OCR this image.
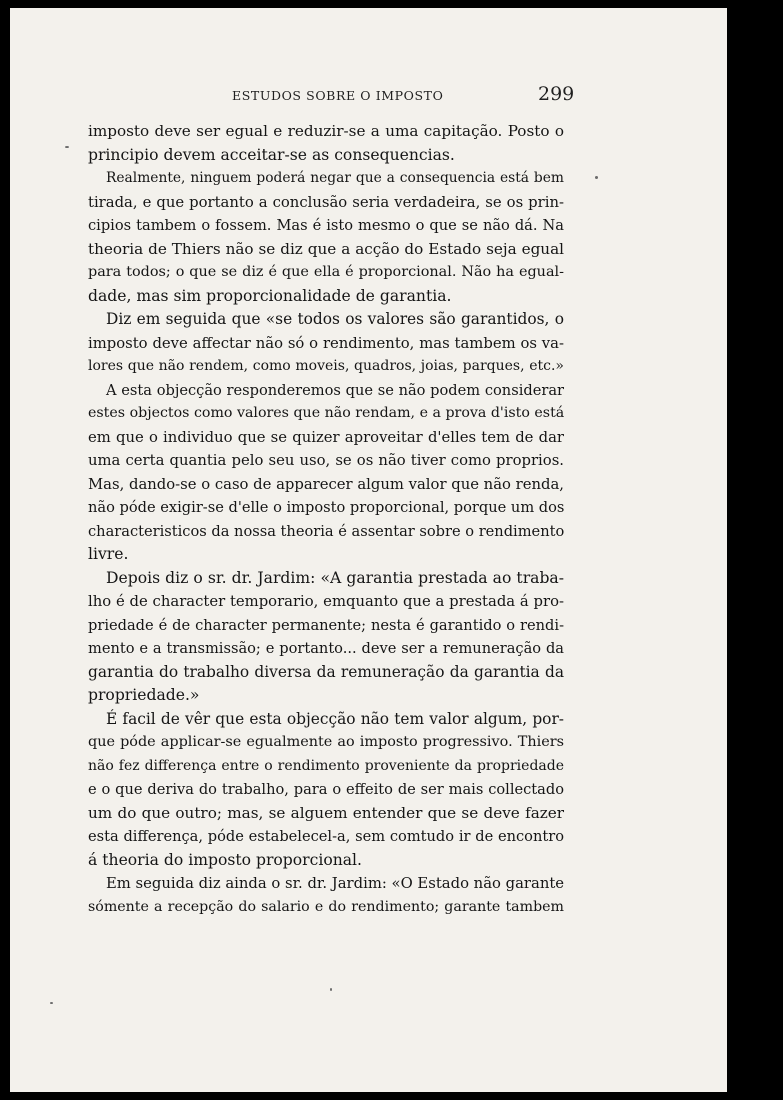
ESTUDOS SOBRE O IMPOSTO	299
imposto deve ser egual e reduzir-se a uma capitação. Posto o
principio devem acceitar-se as consequencias.
Realmente, ninguem poderá negar que a consequencia está bem
tirada, e que portanto a conclusão seria verdadeira, se os prin-
cipios tambem o fossem. Mas é isto mesmo o que se não dá. Na
theoria de Thiers não se diz que a acção do Estado seja egual
para todos; o que se diz é que ella é proporcional. Não ha egual-
dade, mas sim proporcionalidade de garantia.
Diz em seguida que «se todos os valores são garantidos, o
imposto deve affectar não só o rendimento, mas tambem os va-
lores que não rendem, como moveis, quadros, joias, parques, etc.»
A esta objecção responderemos que se não podem considerar
estes objectos como valores que não rendam, e a prova d'isto está
em que o individuo que se quizer aproveitar d'elles tem de dar
uma certa quantia pelo seu uso, se os não tiver como proprios.
Mas, dando-se o caso de apparecer algum valor que não renda,
não póde exigir-se d'elle o imposto proporcional, porque um dos
characteristicos da nossa theoria é assentar sobre o rendimento
livre.
Depois diz o sr. dr. Jardim: «A garantia prestada ao traba-
lho é de character temporario, emquanto que a prestada á pro-
priedade é de character permanente; nesta é garantido o rendi-
mento e a transmissão; e portanto... deve ser a remuneração da
garantia do trabalho diversa da remuneração da garantia da
propriedade.»
É facil de vêr que esta objecção não tem valor algum, por-
que póde applicar-se egualmente ao imposto progressivo. Thiers
não fez differença entre o rendimento proveniente da propriedade
e o que deriva do trabalho, para o effeito de ser mais collectado
um do que outro; mas, se alguem entender que se deve fazer
esta differença, póde estabelecel-a, sem comtudo ir de encontro
á theoria do imposto proporcional.
Em seguida diz ainda o sr. dr. Jardim: «O Estado não garante
sómente a recepção do salario e do rendimento; garante tambem
